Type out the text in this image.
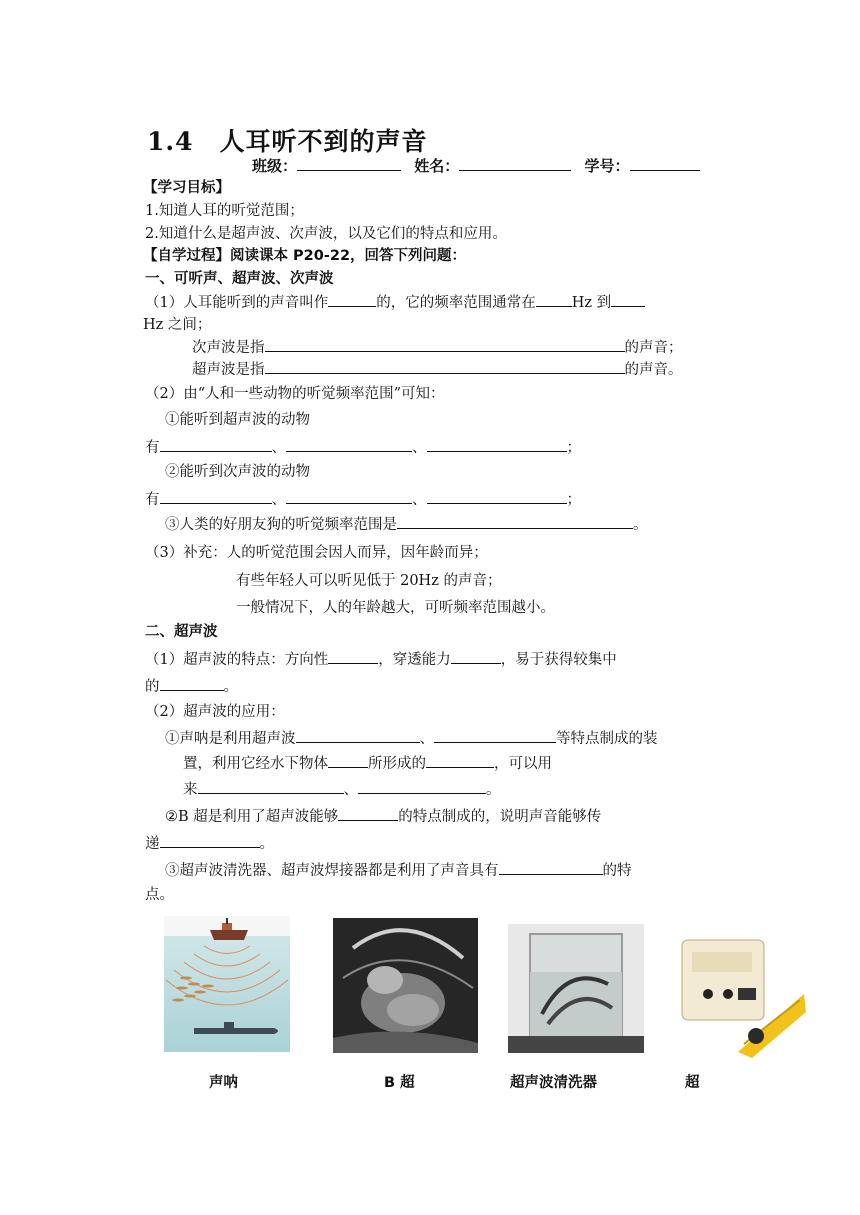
1.4　人耳听不到的声音
班级：	姓名：	学号：
【学习目标】
1.知道人耳的听觉范围；
2.知道什么是超声波、次声波，以及它们的特点和应用。
【自学过程】阅读课本 P20-22，回答下列问题：
一、可听声、超声波、次声波
（1）人耳能听到的声音叫作	的，它的频率范围通常在 Hz 到
Hz 之间；
次声波是指	的声音；
超声波是指	的声音。
（2）由“人和一些动物的听觉频率范围”可知：
①能听到超声波的动物
有	、	、	；
②能听到次声波的动物
有	、	、	；
③人类的好朋友狗的听觉频率范围是	。
（3）补充：人的听觉范围会因人而异，因年龄而异；
有些年轻人可以听见低于 20Hz 的声音；
一般情况下，人的年龄越大，可听频率范围越小。
二、超声波
（1）超声波的特点：方向性	，穿透能力	，易于获得较集中
的	。
（2）超声波的应用：
①声呐是利用超声波	、	等特点制成的装
置，利用它经水下物体	所形成的	，可以用
来	、	。
②B 超是利用了超声波能够	的特点制成的，说明声音能够传
递	。
③超声波清洗器、超声波焊接器都是利用了声音具有	的特
点。
声呐	B 超	超声波清洗器	超
